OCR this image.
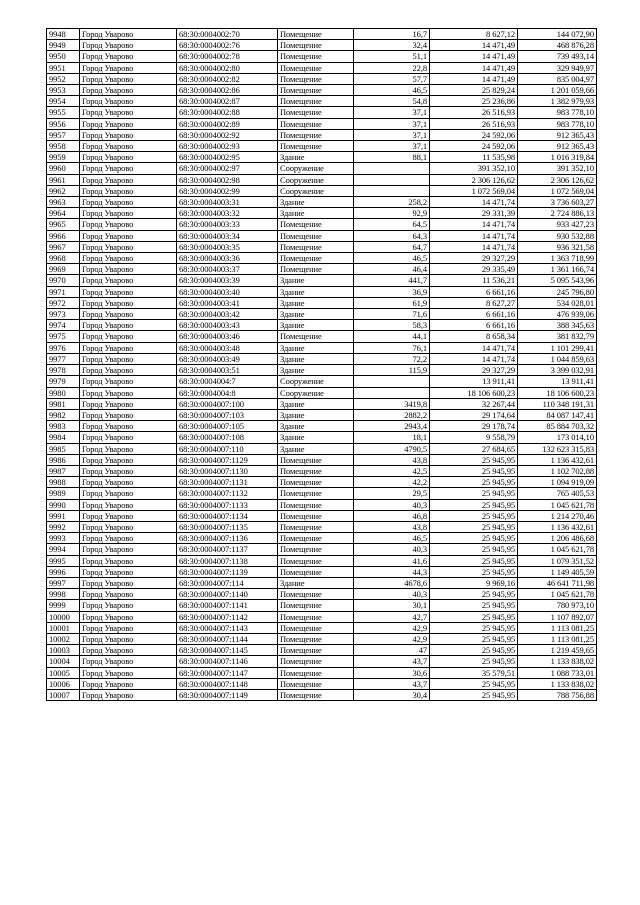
9948	Город Уварово	68:30:0004002:70	Помещение	16,7	8 627,12	144 072,90
9949	Город Уварово	68:30:0004002:76	Помещение	32,4	14 471,49	468 876,28
9950	Город Уварово	68:30:0004002:78	Помещение	51,1	14 471,49	739 493,14
9951	Город Уварово	68:30:0004002:80	Помещение	22,8	14 471,49	329 949,97
9952	Город Уварово	68:30:0004002:82	Помещение	57,7	14 471,49	835 004,97
9953	Город Уварово	68:30:0004002:86	Помещение	46,5	25 829,24	1 201 059,66
9954	Город Уварово	68:30:0004002:87	Помещение	54,8	25 236,86	1 382 979,93
9955	Город Уварово	68:30:0004002:88	Помещение	37,1	26 516,93	983 778,10
9956	Город Уварово	68:30:0004002:89	Помещение	37,1	26 516,93	983 778,10
9957	Город Уварово	68:30:0004002:92	Помещение	37,1	24 592,06	912 365,43
9958	Город Уварово	68:30:0004002:93	Помещение	37,1	24 592,06	912 365,43
9959	Город Уварово	68:30:0004002:95	Здание	88,1	11 535,98	1 016 319,84
9960	Город Уварово	68:30:0004002:97	Сооружение		391 352,10	391 352,10
9961	Город Уварово	68:30:0004002:98	Сооружение		2 306 126,62	2 306 126,62
9962	Город Уварово	68:30:0004002:99	Сооружение		1 072 569,04	1 072 569,04
9963	Город Уварово	68:30:0004003:31	Здание	258,2	14 471,74	3 736 603,27
9964	Город Уварово	68:30:0004003:32	Здание	92,9	29 331,39	2 724 886,13
9965	Город Уварово	68:30:0004003:33	Помещение	64,5	14 471,74	933 427,23
9966	Город Уварово	68:30:0004003:34	Помещение	64,3	14 471,74	930 532,88
9967	Город Уварово	68:30:0004003:35	Помещение	64,7	14 471,74	936 321,58
9968	Город Уварово	68:30:0004003:36	Помещение	46,5	29 327,29	1 363 718,99
9969	Город Уварово	68:30:0004003:37	Помещение	46,4	29 335,49	1 361 166,74
9970	Город Уварово	68:30:0004003:39	Здание	441,7	11 536,21	5 095 543,96
9971	Город Уварово	68:30:0004003:40	Здание	36,9	6 661,16	245 796,80
9972	Город Уварово	68:30:0004003:41	Здание	61,9	8 627,27	534 028,01
9973	Город Уварово	68:30:0004003:42	Здание	71,6	6 661,16	476 939,06
9974	Город Уварово	68:30:0004003:43	Здание	58,3	6 661,16	388 345,63
9975	Город Уварово	68:30:0004003:46	Помещение	44,1	8 658,34	381 832,79
9976	Город Уварово	68:30:0004003:48	Здание	76,1	14 471,74	1 101 299,41
9977	Город Уварово	68:30:0004003:49	Здание	72,2	14 471,74	1 044 859,63
9978	Город Уварово	68:30:0004003:51	Здание	115,9	29 327,29	3 399 032,91
9979	Город Уварово	68:30:0004004:7	Сооружение		13 911,41	13 911,41
9980	Город Уварово	68:30:0004004:8	Сооружение		18 106 600,23	18 106 600,23
9981	Город Уварово	68:30:0004007:100	Здание	3419,8	32 267,44	110 348 191,31
9982	Город Уварово	68:30:0004007:103	Здание	2882,2	29 174,64	84 087 147,41
9983	Город Уварово	68:30:0004007:105	Здание	2943,4	29 178,74	85 884 703,32
9984	Город Уварово	68:30:0004007:108	Здание	18,1	9 558,79	173 014,10
9985	Город Уварово	68:30:0004007:110	Здание	4790,5	27 684,65	132 623 315,83
9986	Город Уварово	68:30:0004007:1129	Помещение	43,8	25 945,95	1 136 432,61
9987	Город Уварово	68:30:0004007:1130	Помещение	42,5	25 945,95	1 102 702,88
9988	Город Уварово	68:30:0004007:1131	Помещение	42,2	25 945,95	1 094 919,09
9989	Город Уварово	68:30:0004007:1132	Помещение	29,5	25 945,95	765 405,53
9990	Город Уварово	68:30:0004007:1133	Помещение	40,3	25 945,95	1 045 621,78
9991	Город Уварово	68:30:0004007:1134	Помещение	46,8	25 945,95	1 214 270,46
9992	Город Уварово	68:30:0004007:1135	Помещение	43,8	25 945,95	1 136 432,61
9993	Город Уварово	68:30:0004007:1136	Помещение	46,5	25 945,95	1 206 486,68
9994	Город Уварово	68:30:0004007:1137	Помещение	40,3	25 945,95	1 045 621,78
9995	Город Уварово	68:30:0004007:1138	Помещение	41,6	25 945,95	1 079 351,52
9996	Город Уварово	68:30:0004007:1139	Помещение	44,3	25 945,95	1 149 405,59
9997	Город Уварово	68:30:0004007:114	Здание	4678,6	9 969,16	46 641 711,98
9998	Город Уварово	68:30:0004007:1140	Помещение	40,3	25 945,95	1 045 621,78
9999	Город Уварово	68:30:0004007:1141	Помещение	30,1	25 945,95	780 973,10
10000	Город Уварово	68:30:0004007:1142	Помещение	42,7	25 945,95	1 107 892,07
10001	Город Уварово	68:30:0004007:1143	Помещение	42,9	25 945,95	1 113 081,25
10002	Город Уварово	68:30:0004007:1144	Помещение	42,9	25 945,95	1 113 081,25
10003	Город Уварово	68:30:0004007:1145	Помещение	47	25 945,95	1 219 459,65
10004	Город Уварово	68:30:0004007:1146	Помещение	43,7	25 945,95	1 133 838,02
10005	Город Уварово	68:30:0004007:1147	Помещение	30,6	35 579,51	1 088 733,01
10006	Город Уварово	68:30:0004007:1148	Помещение	43,7	25 945,95	1 133 838,02
10007	Город Уварово	68:30:0004007:1149	Помещение	30,4	25 945,95	788 756,88
